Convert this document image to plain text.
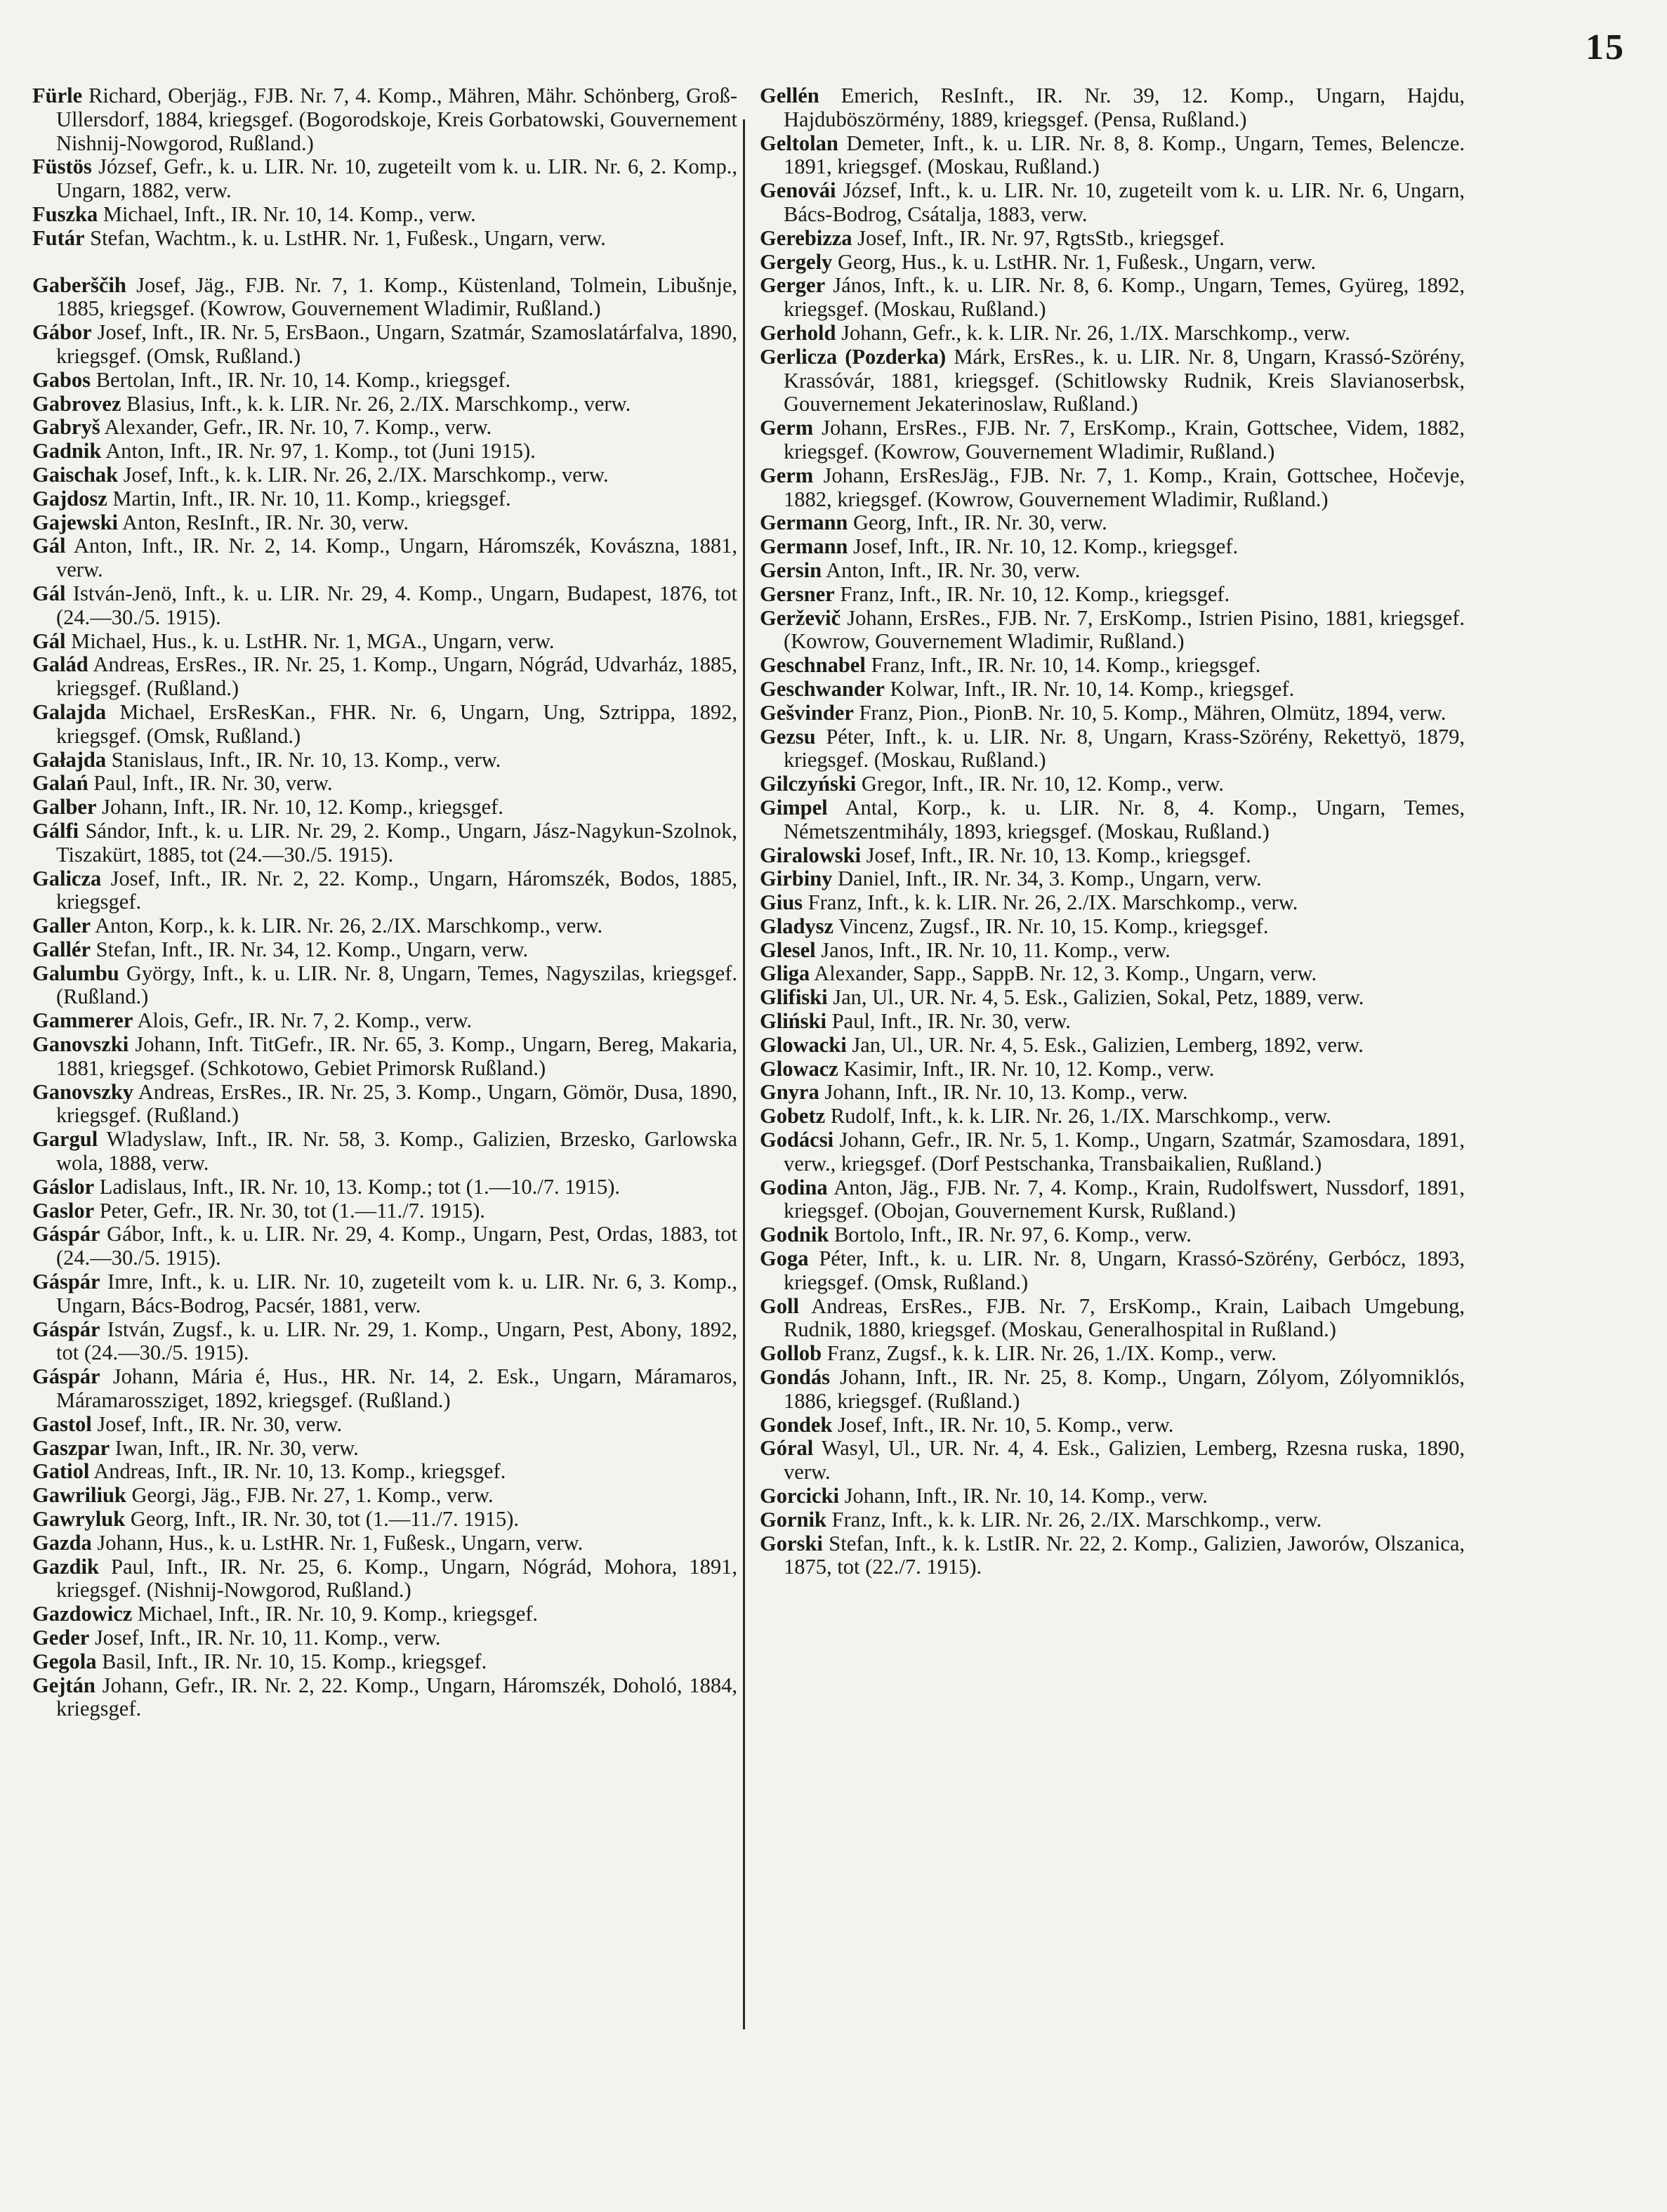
15

Fürle Richard, Oberjäg., FJB. Nr. 7, 4. Komp., Mähren, Mähr. Schönberg, Groß-Ullersdorf, 1884, kriegsgef. (Bogorodskoje, Kreis Gorbatowski, Gouvernement Nishnij-Nowgorod, Rußland.)

Füstös József, Gefr., k. u. LIR. Nr. 10, zugeteilt vom k. u. LIR. Nr. 6, 2. Komp., Ungarn, 1882, verw.

Fuszka Michael, Inft., IR. Nr. 10, 14. Komp., verw.

Futár Stefan, Wachtm., k. u. LstHR. Nr. 1, Fußesk., Ungarn, verw.

Gaberščih Josef, Jäg., FJB. Nr. 7, 1. Komp., Küstenland, Tolmein, Libušnje, 1885, kriegsgef. (Kowrow, Gouvernement Wladimir, Rußland.)

Gábor Josef, Inft., IR. Nr. 5, ErsBaon., Ungarn, Szatmár, Szamoslatárfalva, 1890, kriegsgef. (Omsk, Rußland.)

Gabos Bertolan, Inft., IR. Nr. 10, 14. Komp., kriegsgef.

Gabrovez Blasius, Inft., k. k. LIR. Nr. 26, 2./IX. Marschkomp., verw.

Gabryš Alexander, Gefr., IR. Nr. 10, 7. Komp., verw.

Gadnik Anton, Inft., IR. Nr. 97, 1. Komp., tot (Juni 1915).

Gaischak Josef, Inft., k. k. LIR. Nr. 26, 2./IX. Marschkomp., verw.

Gajdosz Martin, Inft., IR. Nr. 10, 11. Komp., kriegsgef.

Gajewski Anton, ResInft., IR. Nr. 30, verw.

Gál Anton, Inft., IR. Nr. 2, 14. Komp., Ungarn, Háromszék, Kovászna, 1881, verw.

Gál István-Jenö, Inft., k. u. LIR. Nr. 29, 4. Komp., Ungarn, Budapest, 1876, tot (24.—30./5. 1915).

Gál Michael, Hus., k. u. LstHR. Nr. 1, MGA., Ungarn, verw.

Galád Andreas, ErsRes., IR. Nr. 25, 1. Komp., Ungarn, Nógrád, Udvarház, 1885, kriegsgef. (Rußland.)

Galajda Michael, ErsResKan., FHR. Nr. 6, Ungarn, Ung, Sztrippa, 1892, kriegsgef. (Omsk, Rußland.)

Gałajda Stanislaus, Inft., IR. Nr. 10, 13. Komp., verw.

Galań Paul, Inft., IR. Nr. 30, verw.

Galber Johann, Inft., IR. Nr. 10, 12. Komp., kriegsgef.

Gálfi Sándor, Inft., k. u. LIR. Nr. 29, 2. Komp., Ungarn, Jász-Nagykun-Szolnok, Tiszakürt, 1885, tot (24.—30./5. 1915).

Galicza Josef, Inft., IR. Nr. 2, 22. Komp., Ungarn, Háromszék, Bodos, 1885, kriegsgef.

Galler Anton, Korp., k. k. LIR. Nr. 26, 2./IX. Marschkomp., verw.

Gallér Stefan, Inft., IR. Nr. 34, 12. Komp., Ungarn, verw.

Galumbu György, Inft., k. u. LIR. Nr. 8, Ungarn, Temes, Nagyszilas, kriegsgef. (Rußland.)

Gammerer Alois, Gefr., IR. Nr. 7, 2. Komp., verw.

Ganovszki Johann, Inft. TitGefr., IR. Nr. 65, 3. Komp., Ungarn, Bereg, Makaria, 1881, kriegsgef. (Schkotowo, Gebiet Primorsk Rußland.)

Ganovszky Andreas, ErsRes., IR. Nr. 25, 3. Komp., Ungarn, Gömör, Dusa, 1890, kriegsgef. (Rußland.)

Gargul Wladyslaw, Inft., IR. Nr. 58, 3. Komp., Galizien, Brzesko, Garlowska wola, 1888, verw.

Gáslor Ladislaus, Inft., IR. Nr. 10, 13. Komp.; tot (1.—10./7. 1915).

Gaslor Peter, Gefr., IR. Nr. 30, tot (1.—11./7. 1915).

Gáspár Gábor, Inft., k. u. LIR. Nr. 29, 4. Komp., Ungarn, Pest, Ordas, 1883, tot (24.—30./5. 1915).

Gáspár Imre, Inft., k. u. LIR. Nr. 10, zugeteilt vom k. u. LIR. Nr. 6, 3. Komp., Ungarn, Bács-Bodrog, Pacsér, 1881, verw.

Gáspár István, Zugsf., k. u. LIR. Nr. 29, 1. Komp., Ungarn, Pest, Abony, 1892, tot (24.—30./5. 1915).

Gáspár Johann, Mária é, Hus., HR. Nr. 14, 2. Esk., Ungarn, Máramaros, Máramarossziget, 1892, kriegsgef. (Rußland.)

Gastol Josef, Inft., IR. Nr. 30, verw.

Gaszpar Iwan, Inft., IR. Nr. 30, verw.

Gatiol Andreas, Inft., IR. Nr. 10, 13. Komp., kriegsgef.

Gawriliuk Georgi, Jäg., FJB. Nr. 27, 1. Komp., verw.

Gawryluk Georg, Inft., IR. Nr. 30, tot (1.—11./7. 1915).

Gazda Johann, Hus., k. u. LstHR. Nr. 1, Fußesk., Ungarn, verw.

Gazdik Paul, Inft., IR. Nr. 25, 6. Komp., Ungarn, Nógrád, Mohora, 1891, kriegsgef. (Nishnij-Nowgorod, Rußland.)

Gazdowicz Michael, Inft., IR. Nr. 10, 9. Komp., kriegsgef.

Geder Josef, Inft., IR. Nr. 10, 11. Komp., verw.

Gegola Basil, Inft., IR. Nr. 10, 15. Komp., kriegsgef.

Gejtán Johann, Gefr., IR. Nr. 2, 22. Komp., Ungarn, Háromszék, Doholó, 1884, kriegsgef.

Gellén Emerich, ResInft., IR. Nr. 39, 12. Komp., Ungarn, Hajdu, Hajduböszörmény, 1889, kriegsgef. (Pensa, Rußland.)

Geltolan Demeter, Inft., k. u. LIR. Nr. 8, 8. Komp., Ungarn, Temes, Belencze. 1891, kriegsgef. (Moskau, Rußland.)

Genovái József, Inft., k. u. LIR. Nr. 10, zugeteilt vom k. u. LIR. Nr. 6, Ungarn, Bács-Bodrog, Csátalja, 1883, verw.

Gerebizza Josef, Inft., IR. Nr. 97, RgtsStb., kriegsgef.

Gergely Georg, Hus., k. u. LstHR. Nr. 1, Fußesk., Ungarn, verw.

Gerger János, Inft., k. u. LIR. Nr. 8, 6. Komp., Ungarn, Temes, Gyüreg, 1892, kriegsgef. (Moskau, Rußland.)

Gerhold Johann, Gefr., k. k. LIR. Nr. 26, 1./IX. Marschkomp., verw.

Gerlicza (Pozderka) Márk, ErsRes., k. u. LIR. Nr. 8, Ungarn, Krassó-Szörény, Krassóvár, 1881, kriegsgef. (Schitlowsky Rudnik, Kreis Slavianoserbsk, Gouvernement Jekaterinoslaw, Rußland.)

Germ Johann, ErsRes., FJB. Nr. 7, ErsKomp., Krain, Gottschee, Videm, 1882, kriegsgef. (Kowrow, Gouvernement Wladimir, Rußland.)

Germ Johann, ErsResJäg., FJB. Nr. 7, 1. Komp., Krain, Gottschee, Hočevje, 1882, kriegsgef. (Kowrow, Gouvernement Wladimir, Rußland.)

Germann Georg, Inft., IR. Nr. 30, verw.

Germann Josef, Inft., IR. Nr. 10, 12. Komp., kriegsgef.

Gersin Anton, Inft., IR. Nr. 30, verw.

Gersner Franz, Inft., IR. Nr. 10, 12. Komp., kriegsgef.

Gerževič Johann, ErsRes., FJB. Nr. 7, ErsKomp., Istrien Pisino, 1881, kriegsgef. (Kowrow, Gouvernement Wladimir, Rußland.)

Geschnabel Franz, Inft., IR. Nr. 10, 14. Komp., kriegsgef.

Geschwander Kolwar, Inft., IR. Nr. 10, 14. Komp., kriegsgef.

Gešvinder Franz, Pion., PionB. Nr. 10, 5. Komp., Mähren, Olmütz, 1894, verw.

Gezsu Péter, Inft., k. u. LIR. Nr. 8, Ungarn, Krass-Szörény, Rekettyö, 1879, kriegsgef. (Moskau, Rußland.)

Gilczyński Gregor, Inft., IR. Nr. 10, 12. Komp., verw.

Gimpel Antal, Korp., k. u. LIR. Nr. 8, 4. Komp., Ungarn, Temes, Németszentmihály, 1893, kriegsgef. (Moskau, Rußland.)

Giralowski Josef, Inft., IR. Nr. 10, 13. Komp., kriegsgef.

Girbiny Daniel, Inft., IR. Nr. 34, 3. Komp., Ungarn, verw.

Gius Franz, Inft., k. k. LIR. Nr. 26, 2./IX. Marschkomp., verw.

Gladysz Vincenz, Zugsf., IR. Nr. 10, 15. Komp., kriegsgef.

Glesel Janos, Inft., IR. Nr. 10, 11. Komp., verw.

Gliga Alexander, Sapp., SappB. Nr. 12, 3. Komp., Ungarn, verw.

Glifiski Jan, Ul., UR. Nr. 4, 5. Esk., Galizien, Sokal, Petz, 1889, verw.

Gliński Paul, Inft., IR. Nr. 30, verw.

Glowacki Jan, Ul., UR. Nr. 4, 5. Esk., Galizien, Lemberg, 1892, verw.

Glowacz Kasimir, Inft., IR. Nr. 10, 12. Komp., verw.

Gnyra Johann, Inft., IR. Nr. 10, 13. Komp., verw.

Gobetz Rudolf, Inft., k. k. LIR. Nr. 26, 1./IX. Marschkomp., verw.

Godácsi Johann, Gefr., IR. Nr. 5, 1. Komp., Ungarn, Szatmár, Szamosdara, 1891, verw., kriegsgef. (Dorf Pestschanka, Transbaikalien, Rußland.)

Godina Anton, Jäg., FJB. Nr. 7, 4. Komp., Krain, Rudolfswert, Nussdorf, 1891, kriegsgef. (Obojan, Gouvernement Kursk, Rußland.)

Godnik Bortolo, Inft., IR. Nr. 97, 6. Komp., verw.

Goga Péter, Inft., k. u. LIR. Nr. 8, Ungarn, Krassó-Szörény, Gerbócz, 1893, kriegsgef. (Omsk, Rußland.)

Goll Andreas, ErsRes., FJB. Nr. 7, ErsKomp., Krain, Laibach Umgebung, Rudnik, 1880, kriegsgef. (Moskau, Generalhospital in Rußland.)

Gollob Franz, Zugsf., k. k. LIR. Nr. 26, 1./IX. Komp., verw.

Gondás Johann, Inft., IR. Nr. 25, 8. Komp., Ungarn, Zólyom, Zólyomniklós, 1886, kriegsgef. (Rußland.)

Gondek Josef, Inft., IR. Nr. 10, 5. Komp., verw.

Góral Wasyl, Ul., UR. Nr. 4, 4. Esk., Galizien, Lemberg, Rzesna ruska, 1890, verw.

Gorcicki Johann, Inft., IR. Nr. 10, 14. Komp., verw.

Gornik Franz, Inft., k. k. LIR. Nr. 26, 2./IX. Marschkomp., verw.

Gorski Stefan, Inft., k. k. LstIR. Nr. 22, 2. Komp., Galizien, Jaworów, Olszanica, 1875, tot (22./7. 1915).
